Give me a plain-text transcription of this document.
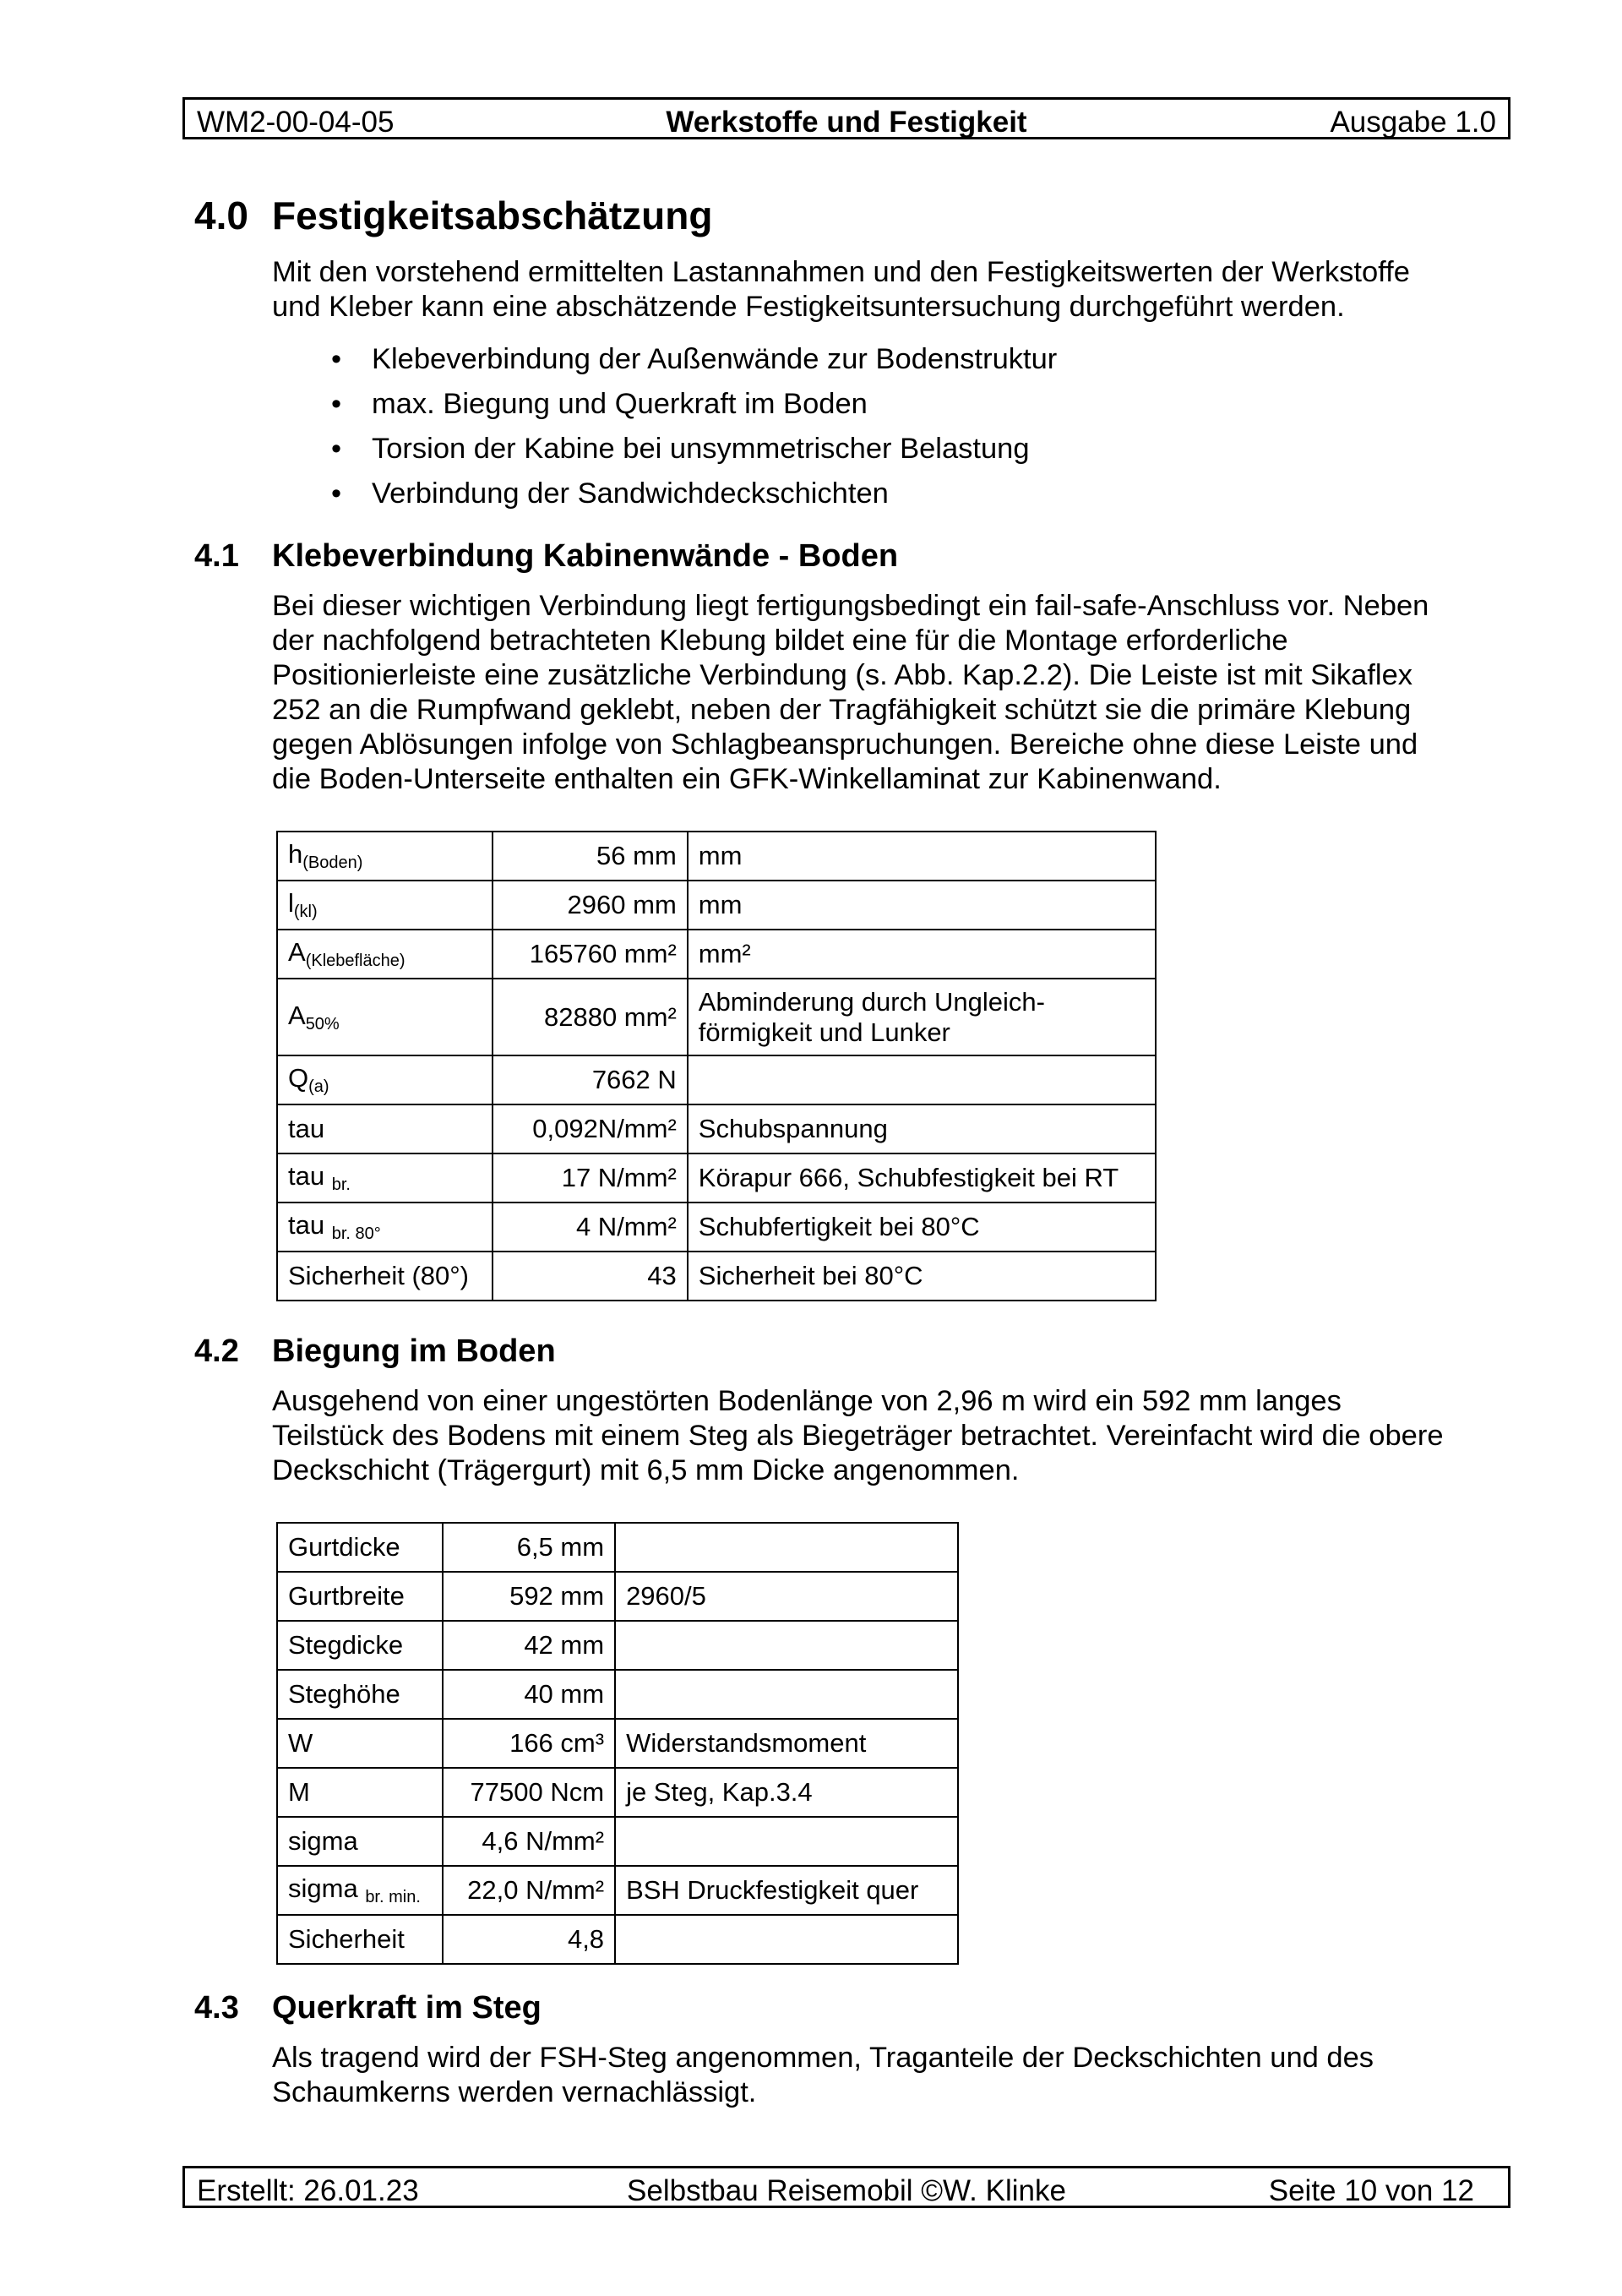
WM2-00-04-05	Werkstoffe und Festigkeit	Ausgabe 1.0
4.0 Festigkeitsabschätzung
Mit den vorstehend ermittelten Lastannahmen und den Festigkeitswerten der Werkstoffe
und Kleber kann eine abschätzende Festigkeitsuntersuchung durchgeführt werden.
• Klebeverbindung der Außenwände zur Bodenstruktur
• max. Biegung und Querkraft im Boden
• Torsion der Kabine bei unsymmetrischer Belastung
• Verbindung der Sandwichdeckschichten
4.1 Klebeverbindung Kabinenwände - Boden
Bei dieser wichtigen Verbindung liegt fertigungsbedingt ein fail-safe-Anschluss vor. Neben
der nachfolgend betrachteten Klebung bildet eine für die Montage erforderliche
Positionierleiste eine zusätzliche Verbindung (s. Abb. Kap.2.2). Die Leiste ist mit Sikaflex
252 an die Rumpfwand geklebt, neben der Tragfähigkeit schützt sie die primäre Klebung
gegen Ablösungen infolge von Schlagbeanspruchungen. Bereiche ohne diese Leiste und
die Boden-Unterseite enthalten ein GFK-Winkellaminat zur Kabinenwand.
$h_{(Boden)}$	56 mm	mm

$l_{(kl)}$	2960 mm	mm

$A_{(Klebefläche)}$	165760 mm²	mm²

$A_{50\%}$	82880 mm²	Abminderung durch Ungleich-
förmigkeit und Lunker

$Q_{(a)}$	7662 N	

tau	0,092N/mm²	Schubspannung

tau $_{br.}$	17 N/mm²	Körapur 666, Schubfestigkeit bei RT

tau $_{br. 80^\circ}$	4 N/mm²	Schubfertigkeit bei 80°C

Sicherheit (80°)	43	Sicherheit bei 80°C
4.2 Biegung im Boden
Ausgehend von einer ungestörten Bodenlänge von 2,96 m wird ein 592 mm langes
Teilstück des Bodens mit einem Steg als Biegeträger betrachtet. Vereinfacht wird die obere
Deckschicht (Trägergurt) mit 6,5 mm Dicke angenommen.
Gurtdicke	6,5 mm	

Gurtbreite	592 mm	2960/5

Stegdicke	42 mm	

Steghöhe	40 mm	

W	166 cm³	Widerstandsmoment

M	77500 Ncm	je Steg, Kap.3.4

sigma	4,6 N/mm²	

sigma $_{br. min.}$	22,0 N/mm²	BSH Druckfestigkeit quer

Sicherheit	4,8	
4.3 Querkraft im Steg
Als tragend wird der FSH-Steg angenommen, Traganteile der Deckschichten und des
Schaumkerns werden vernachlässigt.
Erstellt: 26.01.23	Selbstbau Reisemobil ©W. Klinke	Seite 10 von 12
